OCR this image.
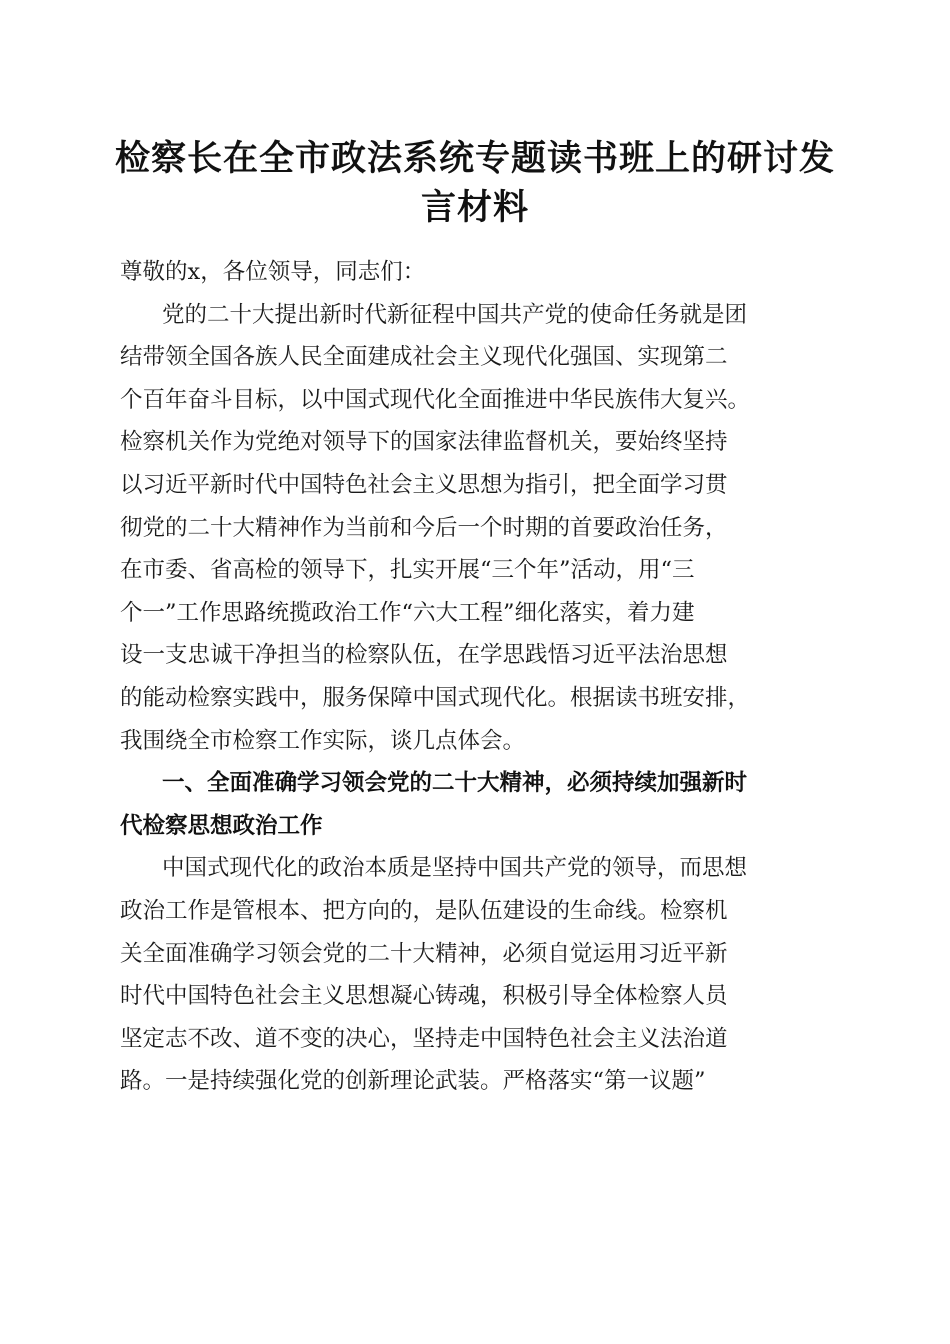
检察长在全市政法系统专题读书班上的研讨发
言材料
尊敬的x，各位领导，同志们：
党的二十大提出新时代新征程中国共产党的使命任务就是团
结带领全国各族人民全面建成社会主义现代化强国、实现第二
个百年奋斗目标，以中国式现代化全面推进中华民族伟大复兴。
检察机关作为党绝对领导下的国家法律监督机关，要始终坚持
以习近平新时代中国特色社会主义思想为指引，把全面学习贯
彻党的二十大精神作为当前和今后一个时期的首要政治任务，
在市委、省高检的领导下，扎实开展“三个年”活动，用“三
个一”工作思路统揽政治工作“六大工程”细化落实，着力建
设一支忠诚干净担当的检察队伍，在学思践悟习近平法治思想
的能动检察实践中，服务保障中国式现代化。根据读书班安排，
我围绕全市检察工作实际，谈几点体会。
一、全面准确学习领会党的二十大精神，必须持续加强新时
代检察思想政治工作
中国式现代化的政治本质是坚持中国共产党的领导，而思想
政治工作是管根本、把方向的，是队伍建设的生命线。检察机
关全面准确学习领会党的二十大精神，必须自觉运用习近平新
时代中国特色社会主义思想凝心铸魂，积极引导全体检察人员
坚定志不改、道不变的决心，坚持走中国特色社会主义法治道
路。一是持续强化党的创新理论武装。严格落实“第一议题”
